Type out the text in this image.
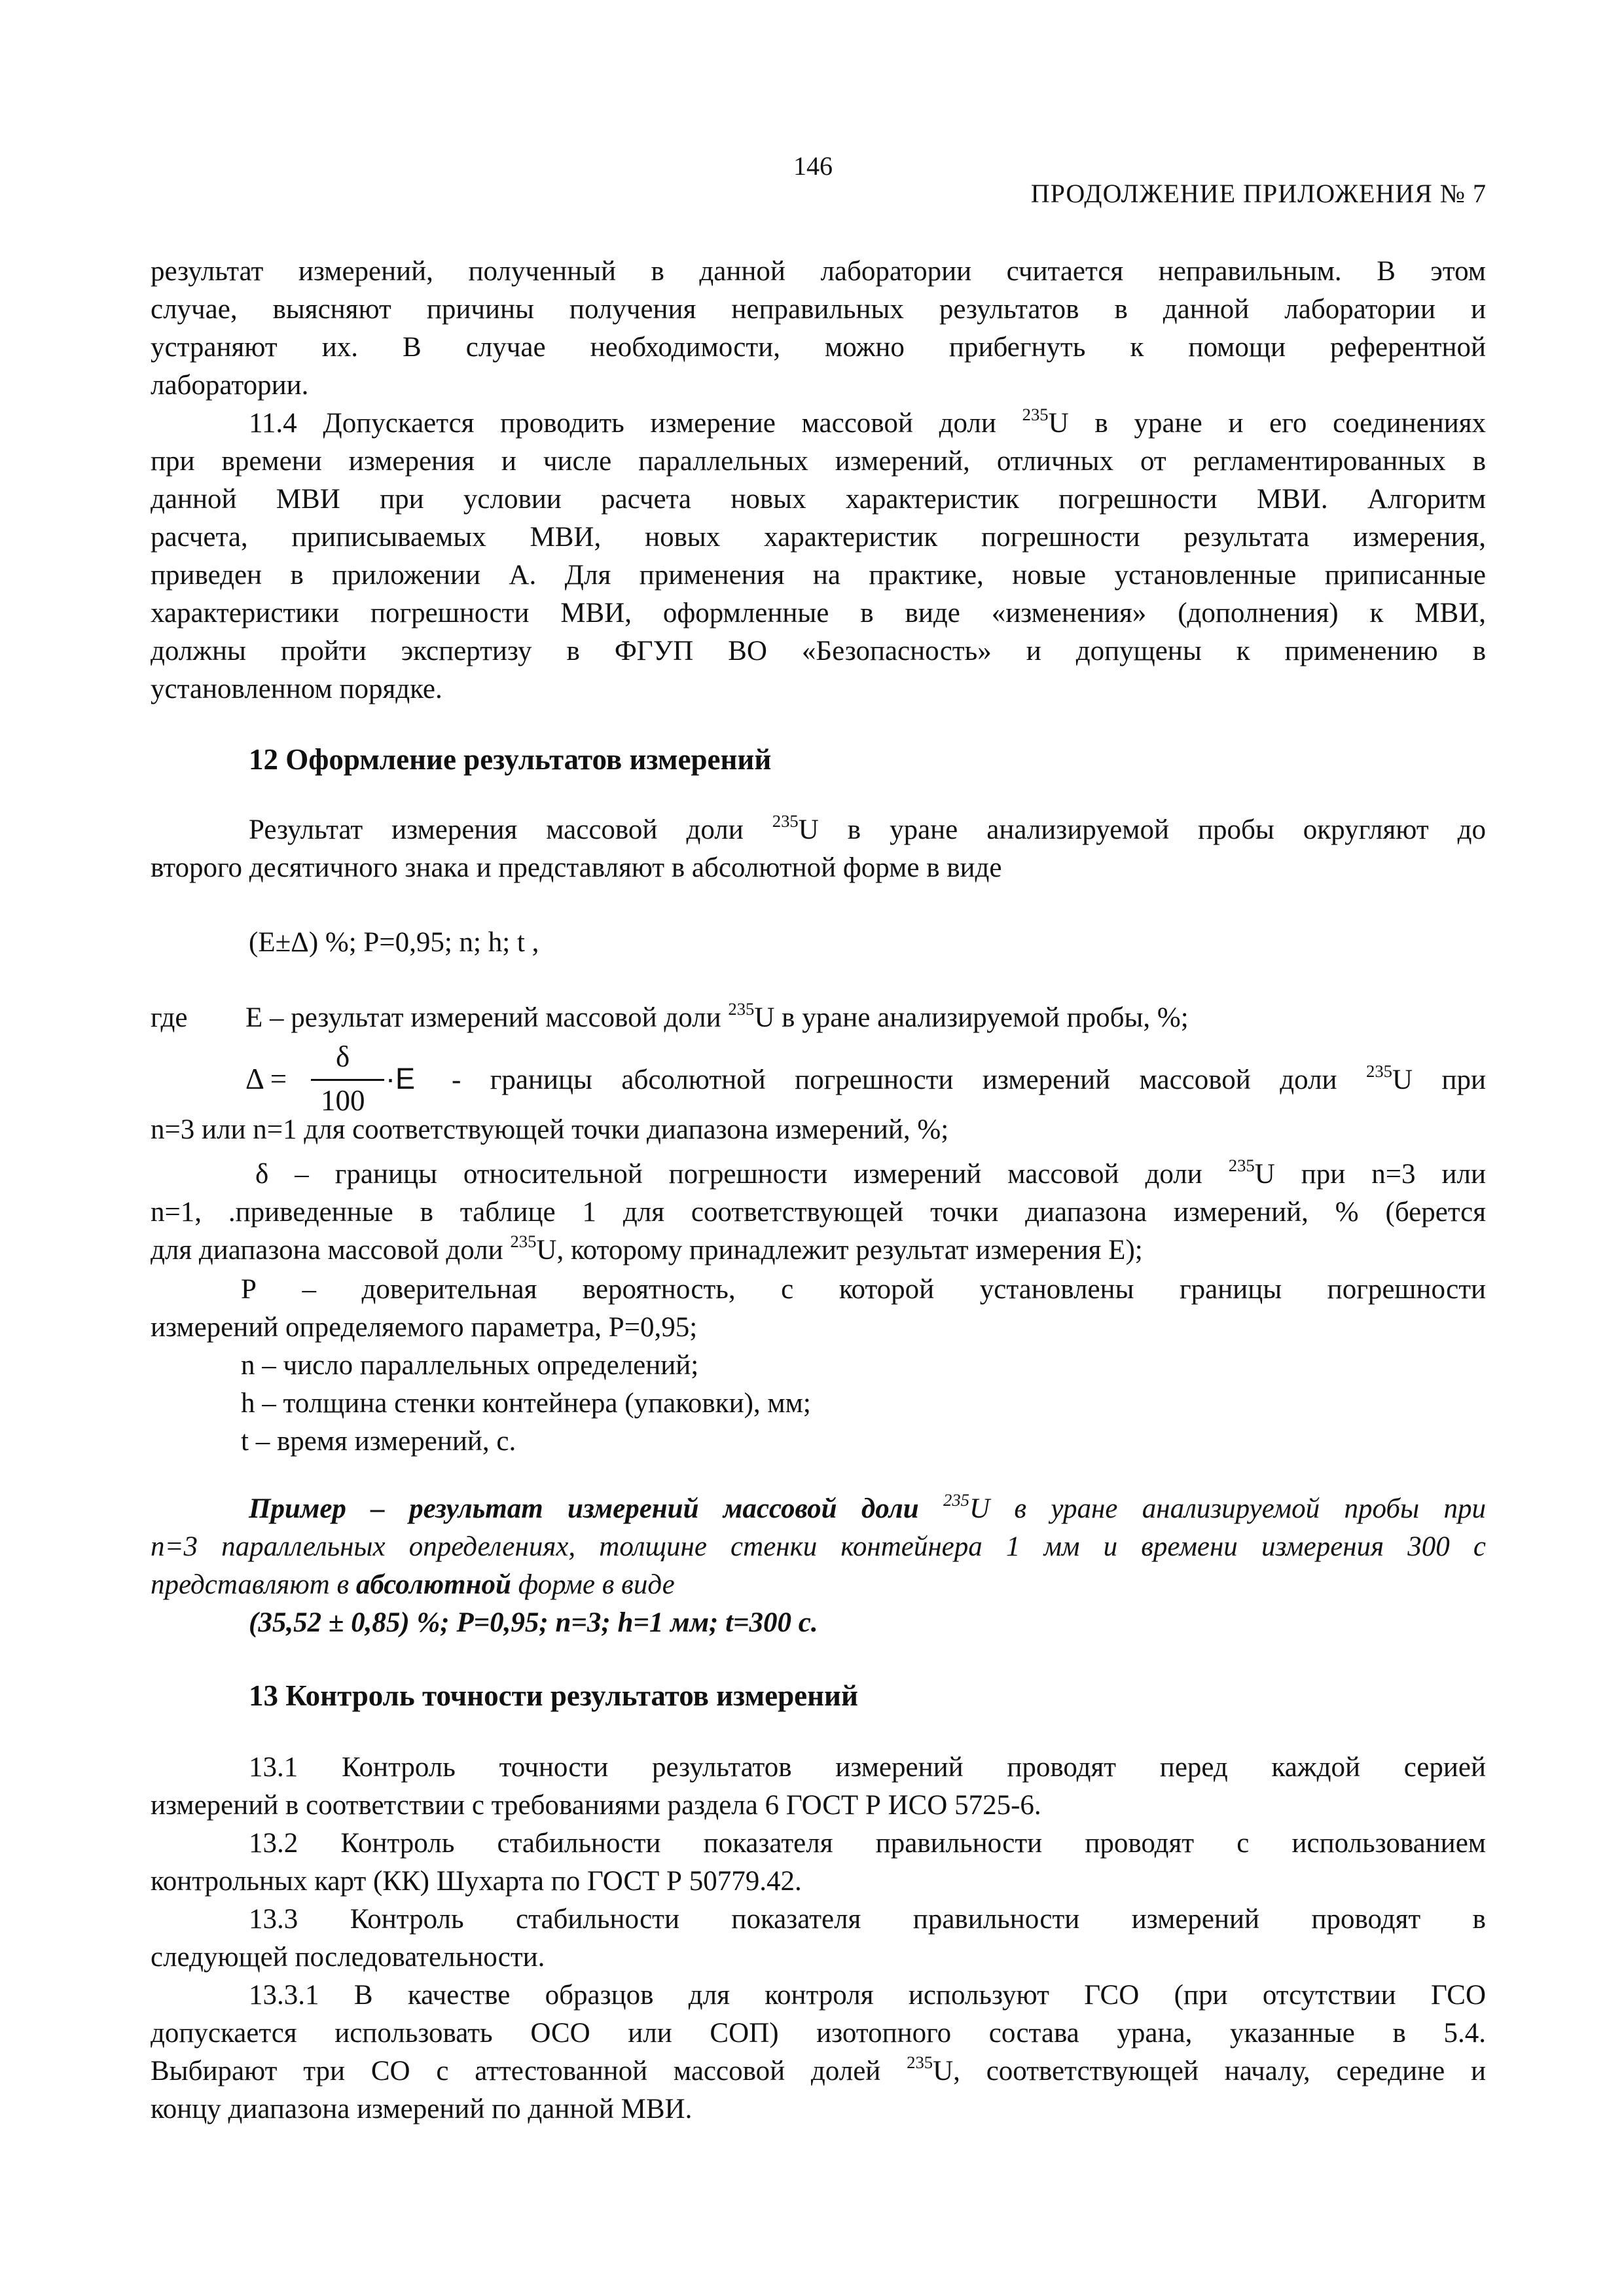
146
ПРОДОЛЖЕНИЕ ПРИЛОЖЕНИЯ № 7
результат измерений, полученный в данной лаборатории считается неправильным. В этом
случае, выясняют причины получения неправильных результатов в данной лаборатории и
устраняют их. В случае необходимости, можно прибегнуть к помощи референтной
лаборатории.
11.4 Допускается проводить измерение массовой доли $^{235}$U в уране и его соединениях
при времени измерения и числе параллельных измерений, отличных от регламентированных в
данной МВИ при условии расчета новых характеристик погрешности МВИ. Алгоритм
расчета, приписываемых МВИ, новых характеристик погрешности результата измерения,
приведен в приложении А. Для применения на практике, новые установленные приписанные
характеристики погрешности МВИ, оформленные в виде «изменения» (дополнения) к МВИ,
должны пройти экспертизу в ФГУП ВО «Безопасность» и допущены к применению в
установленном порядке.
12 Оформление результатов измерений
Результат измерения массовой доли $^{235}$U в уране анализируемой пробы округляют до
второго десятичного знака и представляют в абсолютной форме в виде
(Е±Δ) %; Р=0,95; n; h; t ,
где	Е – результат измерений массовой доли $^{235}$U в уране анализируемой пробы, %;
Δ =
δ
100
·E - границы абсолютной погрешности измерений массовой доли $^{235}$U при
n=3 или n=1 для соответствующей точки диапазона измерений, %;
δ – границы относительной погрешности измерений массовой доли $^{235}$U при n=3 или
n=1, .приведенные в таблице 1 для соответствующей точки диапазона измерений, % (берется
для диапазона массовой доли $^{235}$U, которому принадлежит результат измерения Е);
Р – доверительная вероятность, с которой установлены границы погрешности
измерений определяемого параметра, Р=0,95;
n – число параллельных определений;
h – толщина стенки контейнера (упаковки), мм;
t – время измерений, с.
Пример – результат измерений массовой доли $^{235}$U в уране анализируемой пробы при
n=3 параллельных определениях, толщине стенки контейнера 1 мм и времени измерения 300 с
представляют в абсолютной форме в виде
(35,52 ± 0,85) %; Р=0,95; n=3; h=1 мм; t=300 с.
13 Контроль точности результатов измерений
13.1 Контроль точности результатов измерений проводят перед каждой серией
измерений в соответствии с требованиями раздела 6 ГОСТ Р ИСО 5725-6.
13.2 Контроль стабильности показателя правильности проводят с использованием
контрольных карт (КК) Шухарта по ГОСТ Р 50779.42.
13.3 Контроль стабильности показателя правильности измерений проводят в
следующей последовательности.
13.3.1 В качестве образцов для контроля используют ГСО (при отсутствии ГСО
допускается использовать ОСО или СОП) изотопного состава урана, указанные в 5.4.
Выбирают три СО с аттестованной массовой долей $^{235}$U, соответствующей началу, середине и
концу диапазона измерений по данной МВИ.
